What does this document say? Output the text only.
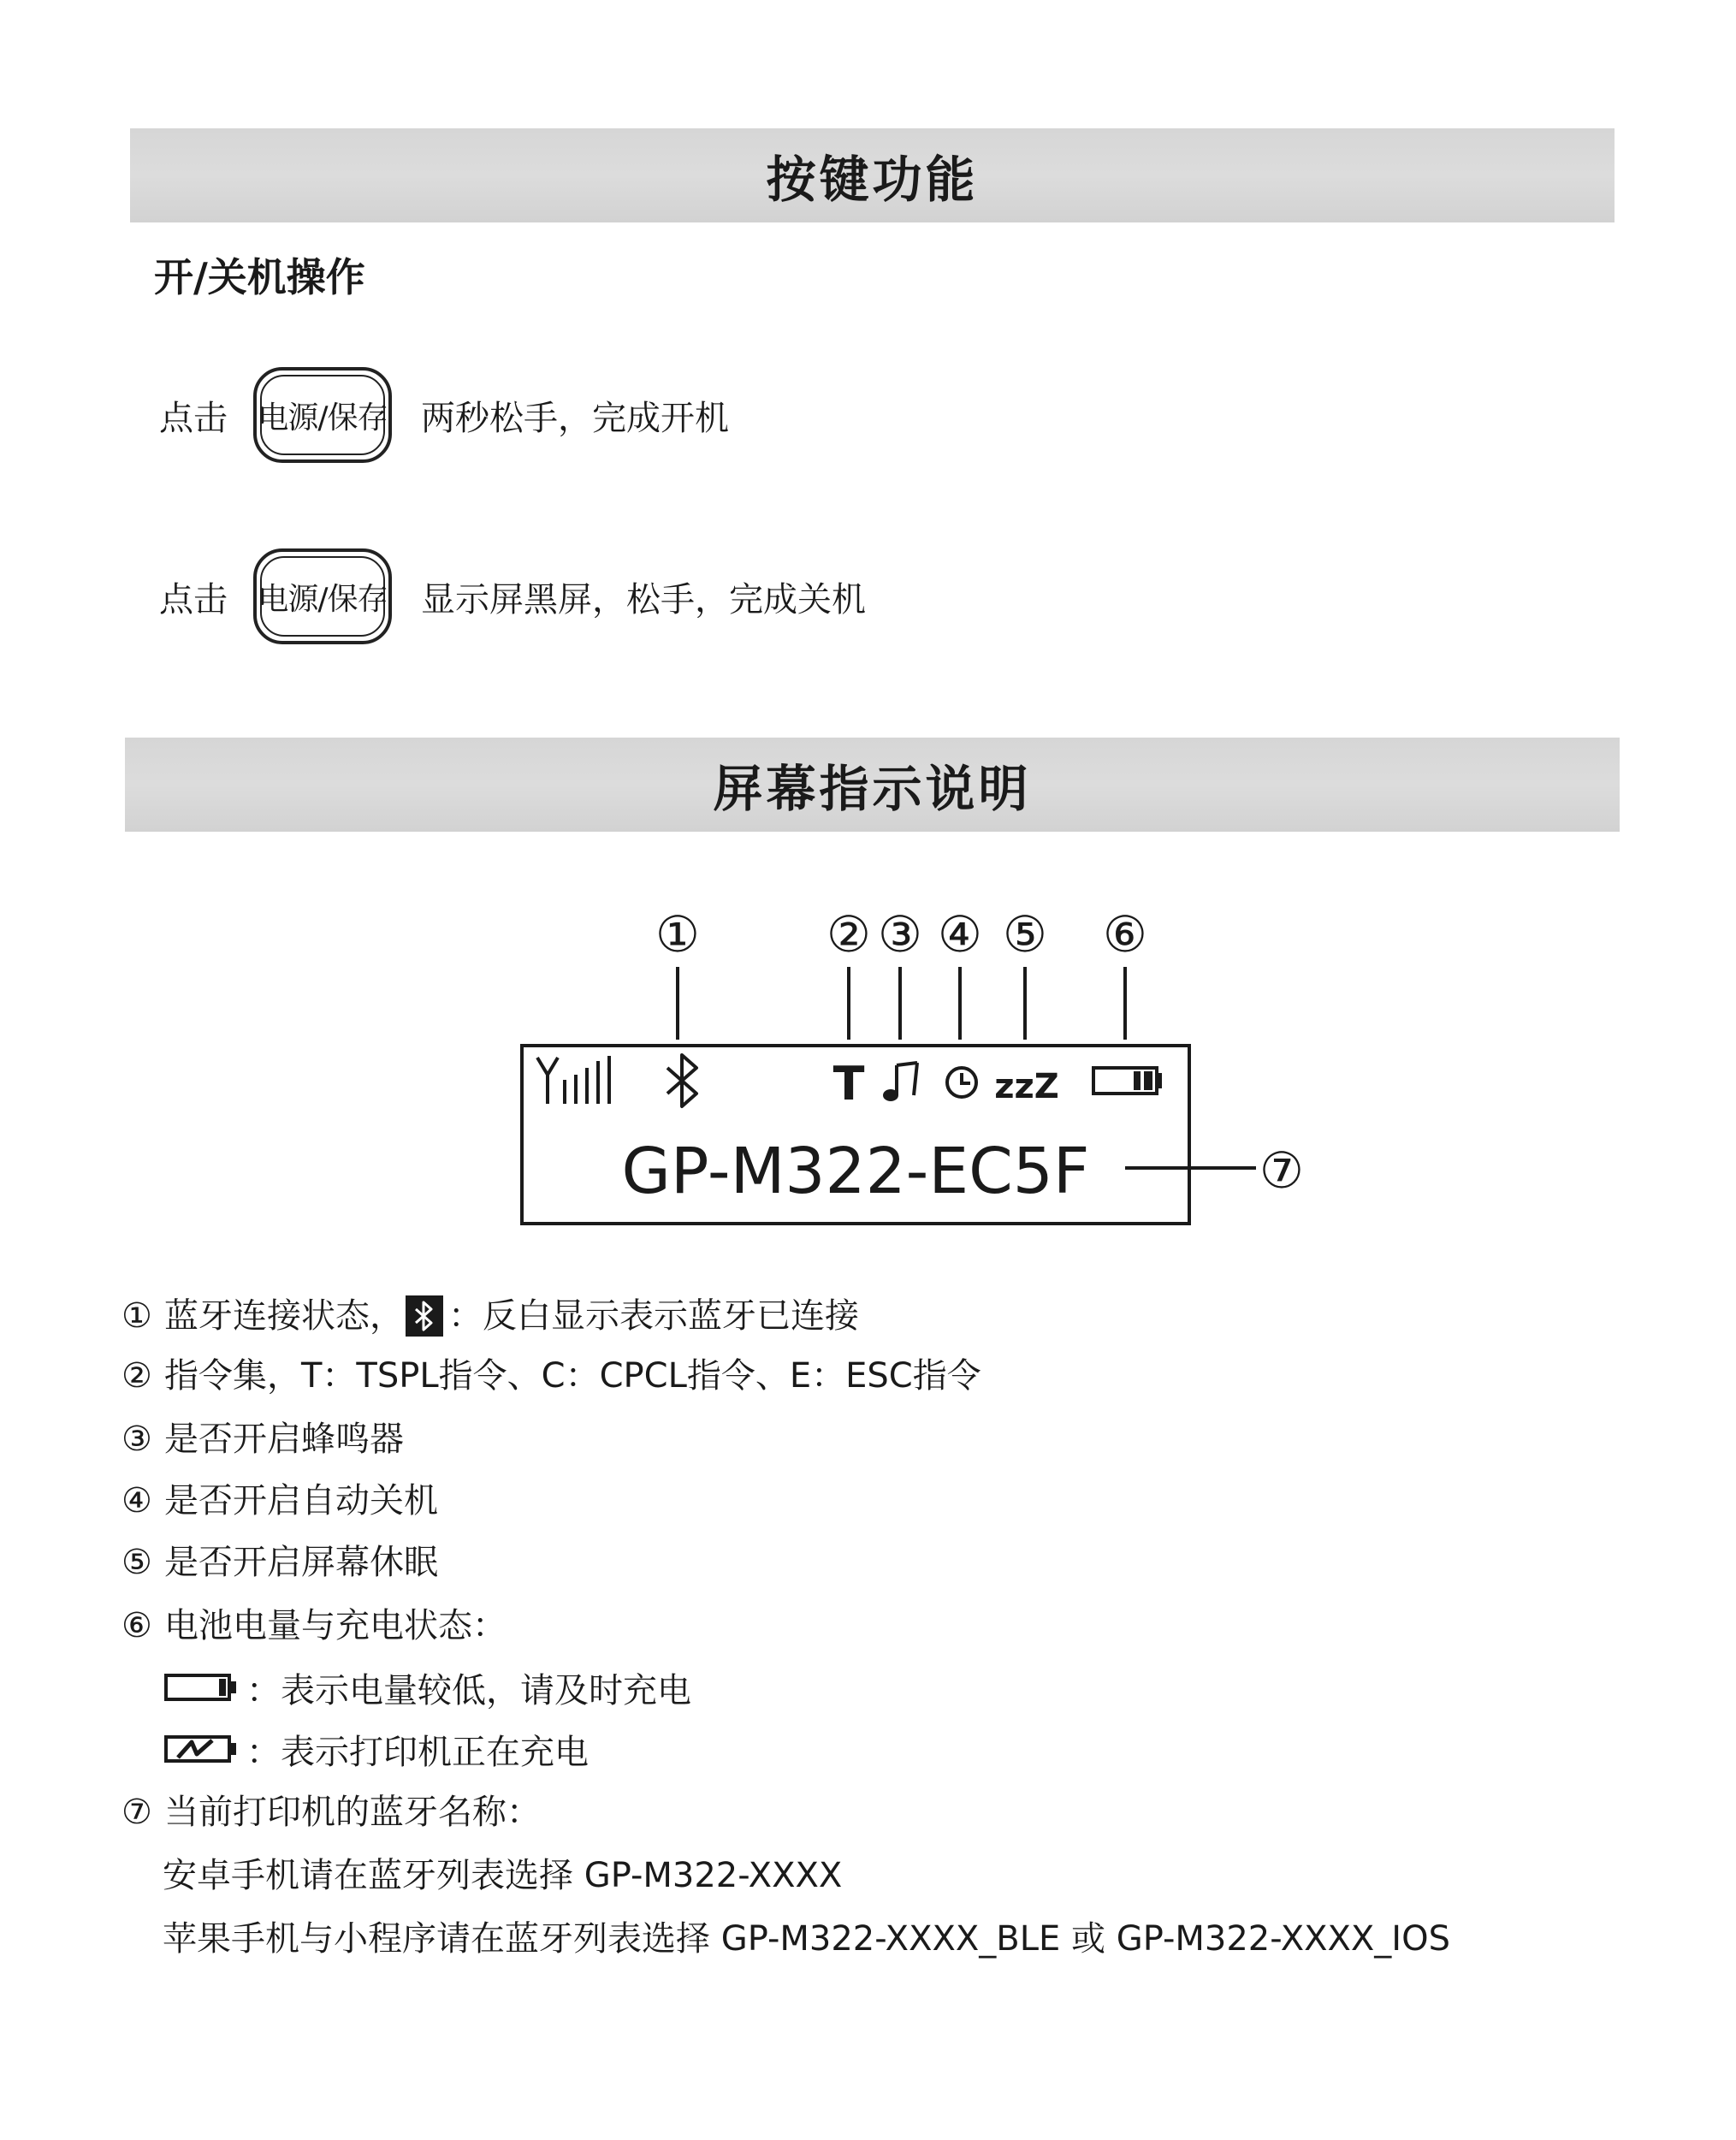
按键功能
开/关机操作
点击 电源/保存 两秒松手，完成开机
点击 电源/保存 显示屏黑屏，松手，完成关机
屏幕指示说明
①	② ③ ④ ⑤ ⑥
⑦
T	zzZ
GP-M322-EC5F
① 蓝牙连接状态， ：反白显示表示蓝牙已连接
② 指令集，T：TSPL指令、C：CPCL指令、E：ESC指令
③ 是否开启蜂鸣器
④ 是否开启自动关机
⑤ 是否开启屏幕休眠
⑥ 电池电量与充电状态：
：表示电量较低，请及时充电
：表示打印机正在充电
⑦ 当前打印机的蓝牙名称：
安卓手机请在蓝牙列表选择 GP-M322-XXXX
苹果手机与小程序请在蓝牙列表选择 GP-M322-XXXX_BLE 或 GP-M322-XXXX_IOS
